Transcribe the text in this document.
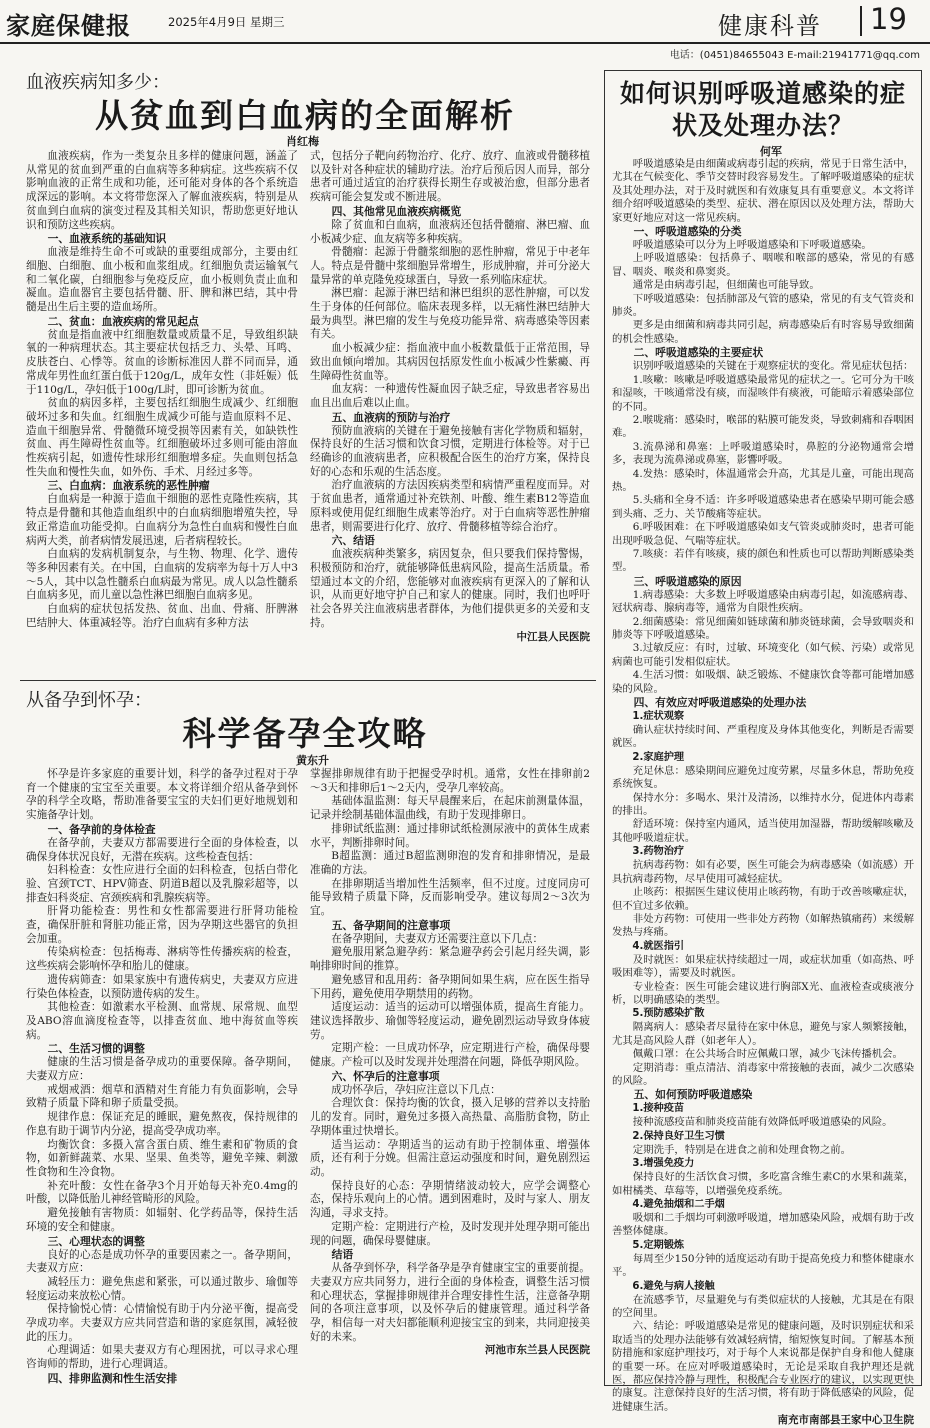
家庭保健报	2025年4月9日 星期三	健康科普 19
电话：(0451)84655043 E-mail:21941771@qq.com
血液疾病知多少：
从贫血到白血病的全面解析
肖红梅

血液疾病，作为一类复杂且多样的健康问题，涵盖了从常见的贫血到严重的白血病等多种病症。这些疾病不仅影响血液的正常生成和功能，还可能对身体的各个系统造成深远的影响。本文将带您深入了解血液疾病，特别是从贫血到白血病的演变过程及其相关知识，帮助您更好地认识和预防这些疾病。

一、血液系统的基础知识

血液是维持生命不可或缺的重要组成部分，主要由红细胞、白细胞、血小板和血浆组成。红细胞负责运输氧气和二氧化碳，白细胞参与免疫反应，血小板则负责止血和凝血。造血器官主要包括骨髓、肝、脾和淋巴结，其中骨髓是出生后主要的造血场所。

二、贫血：血液疾病的常见起点

贫血是指血液中红细胞数量或质量不足，导致组织缺氧的一种病理状态。其主要症状包括乏力、头晕、耳鸣、皮肤苍白、心悸等。贫血的诊断标准因人群不同而异，通常成年男性血红蛋白低于120g/L，成年女性（非妊娠）低于110g/L，孕妇低于100g/L时，即可诊断为贫血。

贫血的病因多样，主要包括红细胞生成减少、红细胞破坏过多和失血。红细胞生成减少可能与造血原料不足、造血干细胞异常、骨髓微环境受损等因素有关，如缺铁性贫血、再生障碍性贫血等。红细胞破坏过多则可能由溶血性疾病引起，如遗传性球形红细胞增多症。失血则包括急性失血和慢性失血，如外伤、手术、月经过多等。

三、白血病：血液系统的恶性肿瘤

白血病是一种源于造血干细胞的恶性克隆性疾病，其特点是骨髓和其他造血组织中的白血病细胞增殖失控，导致正常造血功能受抑。白血病分为急性白血病和慢性白血病两大类，前者病情发展迅速，后者病程较长。

白血病的发病机制复杂，与生物、物理、化学、遗传等多种因素有关。在中国，白血病的发病率为每十万人中3～5人，其中以急性髓系白血病最为常见。成人以急性髓系白血病多见，而儿童以急性淋巴细胞白血病多见。

白血病的症状包括发热、贫血、出血、骨痛、肝脾淋巴结肿大、体重减轻等。治疗白血病有多种方法

式，包括分子靶向药物治疗、化疗、放疗、血液或骨髓移植以及针对各种症状的辅助疗法。治疗后预后因人而异，部分患者可通过适宜的治疗获得长期生存或被治愈，但部分患者疾病可能会复发或不断进展。

四、其他常见血液疾病概览

除了贫血和白血病，血液病还包括骨髓瘤、淋巴瘤、血小板减少症、血友病等多种疾病。

骨髓瘤：起源于骨髓浆细胞的恶性肿瘤，常见于中老年人。特点是骨髓中浆细胞异常增生，形成肿瘤，并可分泌大量异常的单克隆免疫球蛋白，导致一系列临床症状。

淋巴瘤：起源于淋巴结和淋巴组织的恶性肿瘤，可以发生于身体的任何部位。临床表现多样，以无痛性淋巴结肿大最为典型。淋巴瘤的发生与免疫功能异常、病毒感染等因素有关。

血小板减少症：指血液中血小板数量低于正常范围，导致出血倾向增加。其病因包括原发性血小板减少性紫癜、再生障碍性贫血等。

血友病：一种遗传性凝血因子缺乏症，导致患者容易出血且出血后难以止血。

五、血液病的预防与治疗

预防血液病的关键在于避免接触有害化学物质和辐射，保持良好的生活习惯和饮食习惯，定期进行体检等。对于已经确诊的血液病患者，应积极配合医生的治疗方案，保持良好的心态和乐观的生活态度。

治疗血液病的方法因疾病类型和病情严重程度而异。对于贫血患者，通常通过补充铁剂、叶酸、维生素B12等造血原料或使用促红细胞生成素等治疗。对于白血病等恶性肿瘤患者，则需要进行化疗、放疗、骨髓移植等综合治疗。

六、结语

血液疾病种类繁多，病因复杂，但只要我们保持警惕，积极预防和治疗，就能够降低患病风险，提高生活质量。希望通过本文的介绍，您能够对血液疾病有更深入的了解和认识，从而更好地守护自己和家人的健康。同时，我们也呼吁社会各界关注血液病患者群体，为他们提供更多的关爱和支持。

中江县人民医院
从备孕到怀孕：
科学备孕全攻略
黄东升

怀孕是许多家庭的重要计划，科学的备孕过程对于孕育一个健康的宝宝至关重要。本文将详细介绍从备孕到怀孕的科学全攻略，帮助准备要宝宝的夫妇们更好地规划和实施备孕计划。

一、备孕前的身体检查

在备孕前，夫妻双方都需要进行全面的身体检查，以确保身体状况良好，无潜在疾病。这些检查包括：

妇科检查：女性应进行全面的妇科检查，包括白带化验、宫颈TCT、HPV筛查、阴道B超以及乳腺彩超等，以排查妇科炎症、宫颈疾病和乳腺疾病等。

肝肾功能检查：男性和女性都需要进行肝肾功能检查，确保肝脏和肾脏功能正常，因为孕期这些器官的负担会加重。

传染病检查：包括梅毒、淋病等性传播疾病的检查，这些疾病会影响怀孕和胎儿的健康。

遗传病筛查：如果家族中有遗传病史，夫妻双方应进行染色体检查，以预防遗传病的发生。

其他检查：如激素水平检测、血常规、尿常规、血型及ABO溶血滴度检查等，以排查贫血、地中海贫血等疾病。

二、生活习惯的调整

健康的生活习惯是备孕成功的重要保障。备孕期间，夫妻双方应：

戒烟戒酒：烟草和酒精对生育能力有负面影响，会导致精子质量下降和卵子质量受损。

规律作息：保证充足的睡眠，避免熬夜，保持规律的作息有助于调节内分泌，提高受孕成功率。

均衡饮食：多摄入富含蛋白质、维生素和矿物质的食物，如新鲜蔬菜、水果、坚果、鱼类等，避免辛辣、刺激性食物和生冷食物。

补充叶酸：女性在备孕3个月开始每天补充0.4mg的叶酸，以降低胎儿神经管畸形的风险。

避免接触有害物质：如辐射、化学药品等，保持生活环境的安全和健康。

三、心理状态的调整

良好的心态是成功怀孕的重要因素之一。备孕期间，夫妻双方应：

减轻压力：避免焦虑和紧张，可以通过散步、瑜伽等轻度运动来放松心情。

保持愉悦心情：心情愉悦有助于内分泌平衡，提高受孕成功率。夫妻双方应共同营造和谐的家庭氛围，减轻彼此的压力。

心理调适：如果夫妻双方有心理困扰，可以寻求心理咨询师的帮助，进行心理调适。

四、排卵监测和性生活安排

掌握排卵规律有助于把握受孕时机。通常，女性在排卵前2～3天和排卵后1～2天内，受孕几率较高。

基础体温监测：每天早晨醒来后，在起床前测量体温，记录并绘制基础体温曲线，有助于发现排卵日。

排卵试纸监测：通过排卵试纸检测尿液中的黄体生成素水平，判断排卵时间。

B超监测：通过B超监测卵泡的发育和排卵情况，是最准确的方法。

在排卵期适当增加性生活频率，但不过度。过度同房可能导致精子质量下降，反而影响受孕。建议每周2～3次为宜。

五、备孕期间的注意事项

在备孕期间，夫妻双方还需要注意以下几点：

避免服用紧急避孕药：紧急避孕药会引起月经失调，影响排卵时间的推算。

避免感冒和乱用药：备孕期间如果生病，应在医生指导下用药，避免使用孕期禁用的药物。

适度运动：适当的运动可以增强体质，提高生育能力。建议选择散步、瑜伽等轻度运动，避免剧烈运动导致身体疲劳。

定期产检：一旦成功怀孕，应定期进行产检，确保母婴健康。产检可以及时发现并处理潜在问题，降低孕期风险。

六、怀孕后的注意事项

成功怀孕后，孕妇应注意以下几点：

合理饮食：保持均衡的饮食，摄入足够的营养以支持胎儿的发育。同时，避免过多摄入高热量、高脂肪食物，防止孕期体重过快增长。

适当运动：孕期适当的运动有助于控制体重、增强体质，还有利于分娩。但需注意运动强度和时间，避免剧烈运动。

保持良好的心态：孕期情绪波动较大，应学会调整心态，保持乐观向上的心情。遇到困难时，及时与家人、朋友沟通，寻求支持。

定期产检：定期进行产检，及时发现并处理孕期可能出现的问题，确保母婴健康。

结语

从备孕到怀孕，科学备孕是孕育健康宝宝的重要前提。夫妻双方应共同努力，进行全面的身体检查，调整生活习惯和心理状态，掌握排卵规律并合理安排性生活，注意备孕期间的各项注意事项，以及怀孕后的健康管理。通过科学备孕，相信每一对夫妇都能顺利迎接宝宝的到来，共同迎接美好的未来。

河池市东兰县人民医院
如何识别呼吸道感染的症状及处理办法？
何军

呼吸道感染是由细菌或病毒引起的疾病，常见于日常生活中，尤其在气候变化、季节交替时段容易发生。了解呼吸道感染的症状及其处理办法，对于及时就医和有效康复具有重要意义。本文将详细介绍呼吸道感染的类型、症状、潜在原因以及处理方法，帮助大家更好地应对这一常见疾病。

一、呼吸道感染的分类

呼吸道感染可以分为上呼吸道感染和下呼吸道感染。

上呼吸道感染：包括鼻子、咽喉和喉部的感染，常见的有感冒、咽炎、喉炎和鼻窦炎。

通常是由病毒引起，但细菌也可能导致。

下呼吸道感染：包括肺部及气管的感染，常见的有支气管炎和肺炎。

更多是由细菌和病毒共同引起，病毒感染后有时容易导致细菌的机会性感染。

二、呼吸道感染的主要症状

识别呼吸道感染的关键在于观察症状的变化。常见症状包括：

1.咳嗽：咳嗽是呼吸道感染最常见的症状之一。它可分为干咳和湿咳，干咳通常没有痰，而湿咳伴有痰液，可能暗示着感染部位的不同。

2.喉咙痛：感染时，喉部的粘膜可能发炎，导致刺痛和吞咽困难。

3.流鼻涕和鼻塞：上呼吸道感染时，鼻腔的分泌物通常会增多，表现为流鼻涕或鼻塞，影響呼吸。

4.发热：感染时，体温通常会升高，尤其是儿童，可能出现高热。

5.头痛和全身不适：许多呼吸道感染患者在感染早期可能会感到头痛、乏力、关节酸痛等症状。

6.呼吸困难：在下呼吸道感染如支气管炎或肺炎时，患者可能出现呼吸急促、气喘等症状。

7.咳痰：若伴有咳痰，痰的颜色和性质也可以帮助判断感染类型。

三、呼吸道感染的原因

1.病毒感染：大多数上呼吸道感染由病毒引起，如流感病毒、冠状病毒、腺病毒等，通常为自限性疾病。

2.细菌感染：常见细菌如链球菌和肺炎链球菌，会导致咽炎和肺炎等下呼吸道感染。

3.过敏反应：有时，过敏、环境变化（如气候、污染）或常见病菌也可能引发相似症状。

4.生活习惯：如吸烟、缺乏锻炼、不健康饮食等都可能增加感染的风险。

四、有效应对呼吸道感染的处理办法
1.症状观察

确认症状持续时间、严重程度及身体其他变化，判断是否需要就医。

2.家庭护理

充足休息：感染期间应避免过度劳累，尽量多休息，帮助免疫系统恢复。

保持水分：多喝水、果汁及清汤，以维持水分，促进体内毒素的排出。

舒适环境：保持室内通风，适当使用加湿器，帮助缓解咳嗽及其他呼吸道症状。

3.药物治疗

抗病毒药物：如有必要，医生可能会为病毒感染（如流感）开具抗病毒药物，尽早使用可减轻症状。

止咳药：根据医生建议使用止咳药物，有助于改善咳嗽症状，但不宜过多依赖。

非处方药物：可使用一些非处方药物（如解热镇痛药）来缓解发热与疼痛。

4.就医指引

及时就医：如果症状持续超过一周，或症状加重（如高热、呼吸困难等），需要及时就医。

专业检查：医生可能会建议进行胸部X光、血液检查或痰液分析，以明确感染的类型。

5.预防感染扩散

隔离病人：感染者尽量待在家中休息，避免与家人频繁接触，尤其是高风险人群（如老年人）。

佩戴口罩：在公共场合时应佩戴口罩，减少飞沫传播机会。

定期消毒：重点清洁、消毒家中常接触的表面，减少二次感染的风险。

五、如何预防呼吸道感染
1.接种疫苗

接种流感疫苗和肺炎疫苗能有效降低呼吸道感染的风险。

2.保持良好卫生习惯

定期洗手，特别是在进食之前和处理食物之前。

3.增强免疫力

保持良好的生活饮食习惯，多吃富含维生素C的水果和蔬菜，如柑橘类、草莓等，以增强免疫系统。

4.避免抽烟和二手烟

吸烟和二手烟均可刺激呼吸道，增加感染风险，戒烟有助于改善整体健康。

5.定期锻炼

每周至少150分钟的适度运动有助于提高免疫力和整体健康水平。

6.避免与病人接触

在流感季节，尽量避免与有类似症状的人接触，尤其是在有限的空间里。

六、结论：呼吸道感染是常见的健康问题，及时识别症状和采取适当的处理办法能够有效减轻病情，缩短恢复时间。了解基本预防措施和家庭护理技巧，对于每个人来说都是保护自身和他人健康的重要一环。在应对呼吸道感染时，无论是采取自我护理还是就医，都应保持冷静与理性，积极配合专业医疗的建议，以实现更快的康复。注意保持良好的生活习惯，将有助于降低感染的风险，促进健康生活。

南充市南部县王家中心卫生院
